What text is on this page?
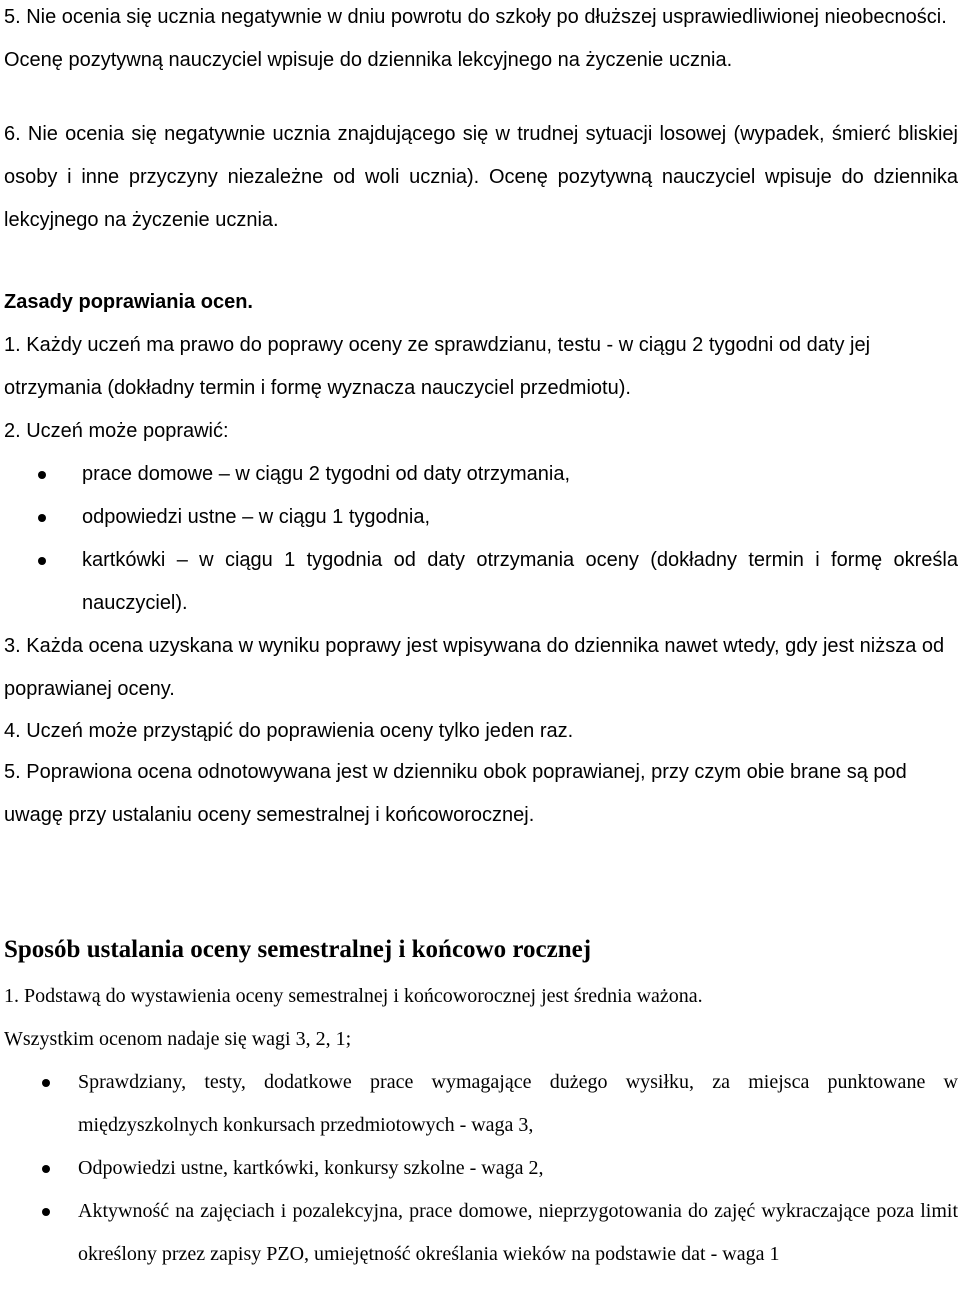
5. Nie ocenia się ucznia negatywnie w dniu powrotu do szkoły po dłuższej usprawiedliwionej nieobecności. Ocenę pozytywną nauczyciel wpisuje do dziennika lekcyjnego na życzenie ucznia.

6. Nie ocenia się negatywnie ucznia znajdującego się w trudnej sytuacji losowej (wypadek, śmierć bliskiej osoby i inne przyczyny niezależne od woli ucznia). Ocenę pozytywną nauczyciel wpisuje do dziennika lekcyjnego na życzenie ucznia.

Zasady poprawiania ocen.

1. Każdy uczeń ma prawo do poprawy oceny ze sprawdzianu, testu - w ciągu 2 tygodni od daty jej otrzymania (dokładny termin i formę wyznacza nauczyciel przedmiotu).

2. Uczeń może poprawić:

prace domowe – w ciągu 2 tygodni od daty otrzymania,
odpowiedzi ustne – w ciągu 1 tygodnia,
kartkówki – w ciągu 1 tygodnia od daty otrzymania oceny (dokładny termin i formę określa nauczyciel).

3. Każda ocena uzyskana w wyniku poprawy jest wpisywana do dziennika nawet wtedy, gdy jest niższa od poprawianej oceny.

4. Uczeń może przystąpić do poprawienia oceny tylko jeden raz.

5. Poprawiona ocena odnotowywana jest w dzienniku obok poprawianej, przy czym obie brane są pod uwagę przy ustalaniu oceny semestralnej i końcoworocznej.

Sposób ustalania oceny semestralnej i końcowo rocznej

1. Podstawą do wystawienia oceny semestralnej i końcoworocznej jest średnia ważona.

Wszystkim ocenom nadaje się wagi 3, 2, 1;

Sprawdziany, testy, dodatkowe prace wymagające dużego wysiłku, za miejsca punktowane w międzyszkolnych konkursach przedmiotowych - waga 3,
Odpowiedzi ustne, kartkówki, konkursy szkolne - waga 2,
Aktywność na zajęciach i pozalekcyjna, prace domowe, nieprzygotowania do zajęć wykraczające poza limit określony przez zapisy PZO, umiejętność określania wieków na podstawie dat - waga 1
